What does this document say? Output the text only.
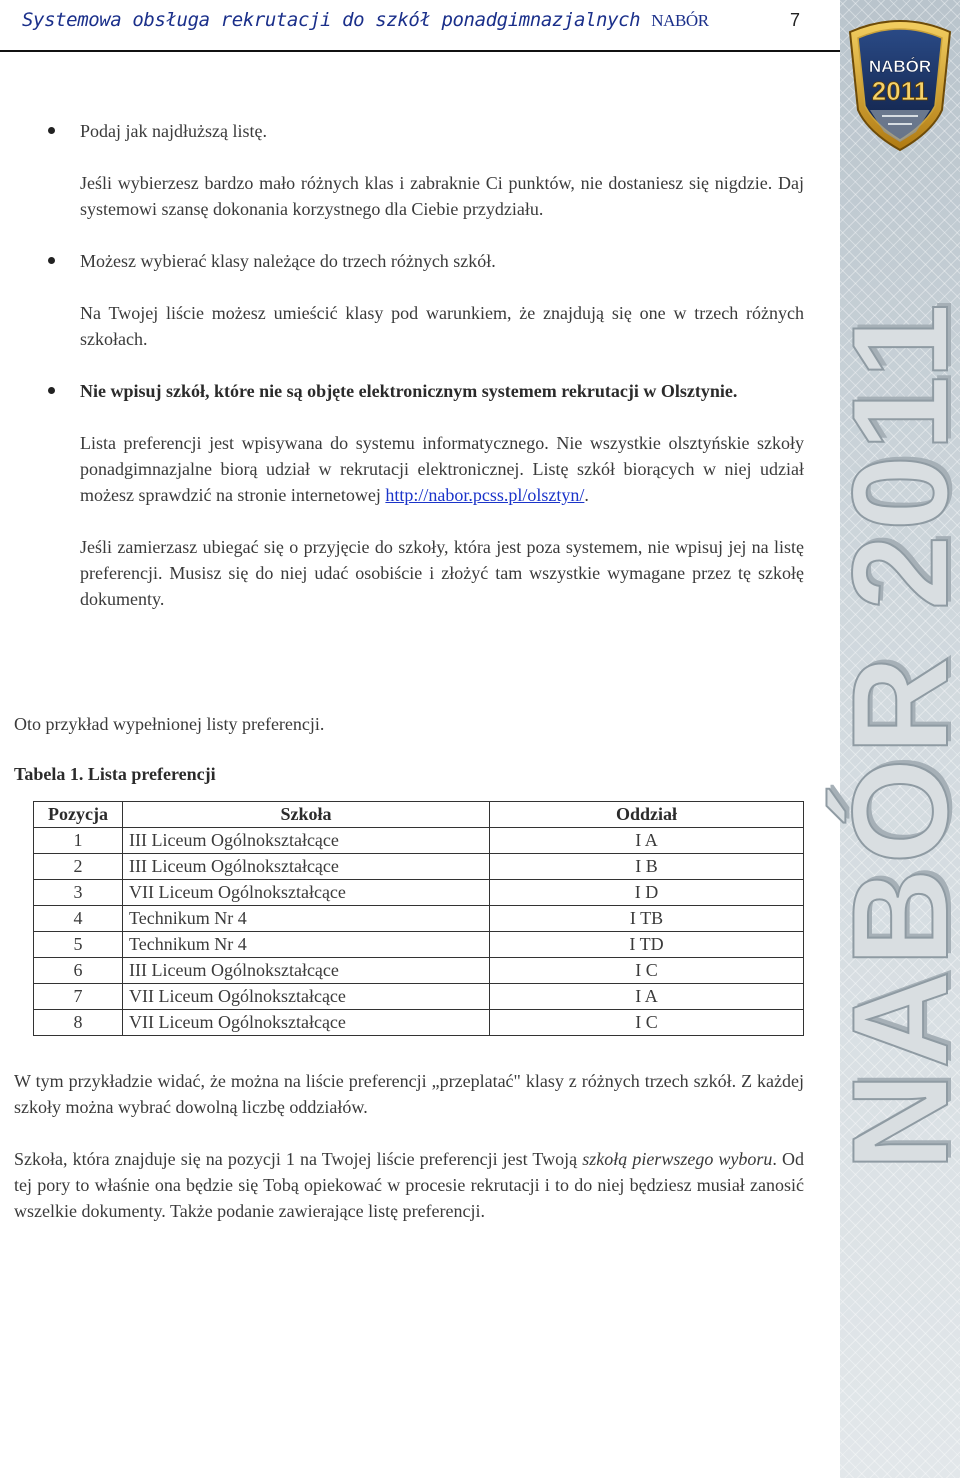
Systemowa obsługa rekrutacji do szkół ponadgimnazjalnych NABÓR	7
NABÓR
2011
NABÓR 2011

Podaj jak najdłuższą listę.

Jeśli wybierzesz bardzo mało różnych klas i zabraknie Ci punktów, nie dostaniesz się nigdzie. Daj systemowi szansę dokonania korzystnego dla Ciebie przydziału.

Możesz wybierać klasy należące do trzech różnych szkół.

Na Twojej liście możesz umieścić klasy pod warunkiem, że znajdują się one w trzech różnych szkołach.

Nie wpisuj szkół, które nie są objęte elektronicznym systemem rekrutacji w Olsztynie.

Lista preferencji jest wpisywana do systemu informatycznego. Nie wszystkie olsztyńskie szkoły ponadgimnazjalne biorą udział w rekrutacji elektronicznej. Listę szkół biorących w niej udział możesz sprawdzić na stronie internetowej http://nabor.pcss.pl/olsztyn/.

Jeśli zamierzasz ubiegać się o przyjęcie do szkoły, która jest poza systemem, nie wpisuj jej na listę preferencji. Musisz się do niej udać osobiście i złożyć tam wszystkie wymagane przez tę szkołę dokumenty.

Oto przykład wypełnionej listy preferencji.

Tabela 1. Lista preferencji
Pozycja	Szkoła	Oddział
1	III Liceum Ogólnokształcące	I A
2	III Liceum Ogólnokształcące	I B
3	VII Liceum Ogólnokształcące	I D
4	Technikum Nr 4	I TB
5	Technikum Nr 4	I TD
6	III Liceum Ogólnokształcące	I C
7	VII Liceum Ogólnokształcące	I A
8	VII Liceum Ogólnokształcące	I C

W tym przykładzie widać, że można na liście preferencji „przeplatać" klasy z różnych trzech szkół. Z każdej szkoły można wybrać dowolną liczbę oddziałów.

Szkoła, która znajduje się na pozycji 1 na Twojej liście preferencji jest Twoją szkołą pierwszego wyboru. Od tej pory to właśnie ona będzie się Tobą opiekować w procesie rekrutacji i to do niej będziesz musiał zanosić wszelkie dokumenty. Także podanie zawierające listę preferencji.
